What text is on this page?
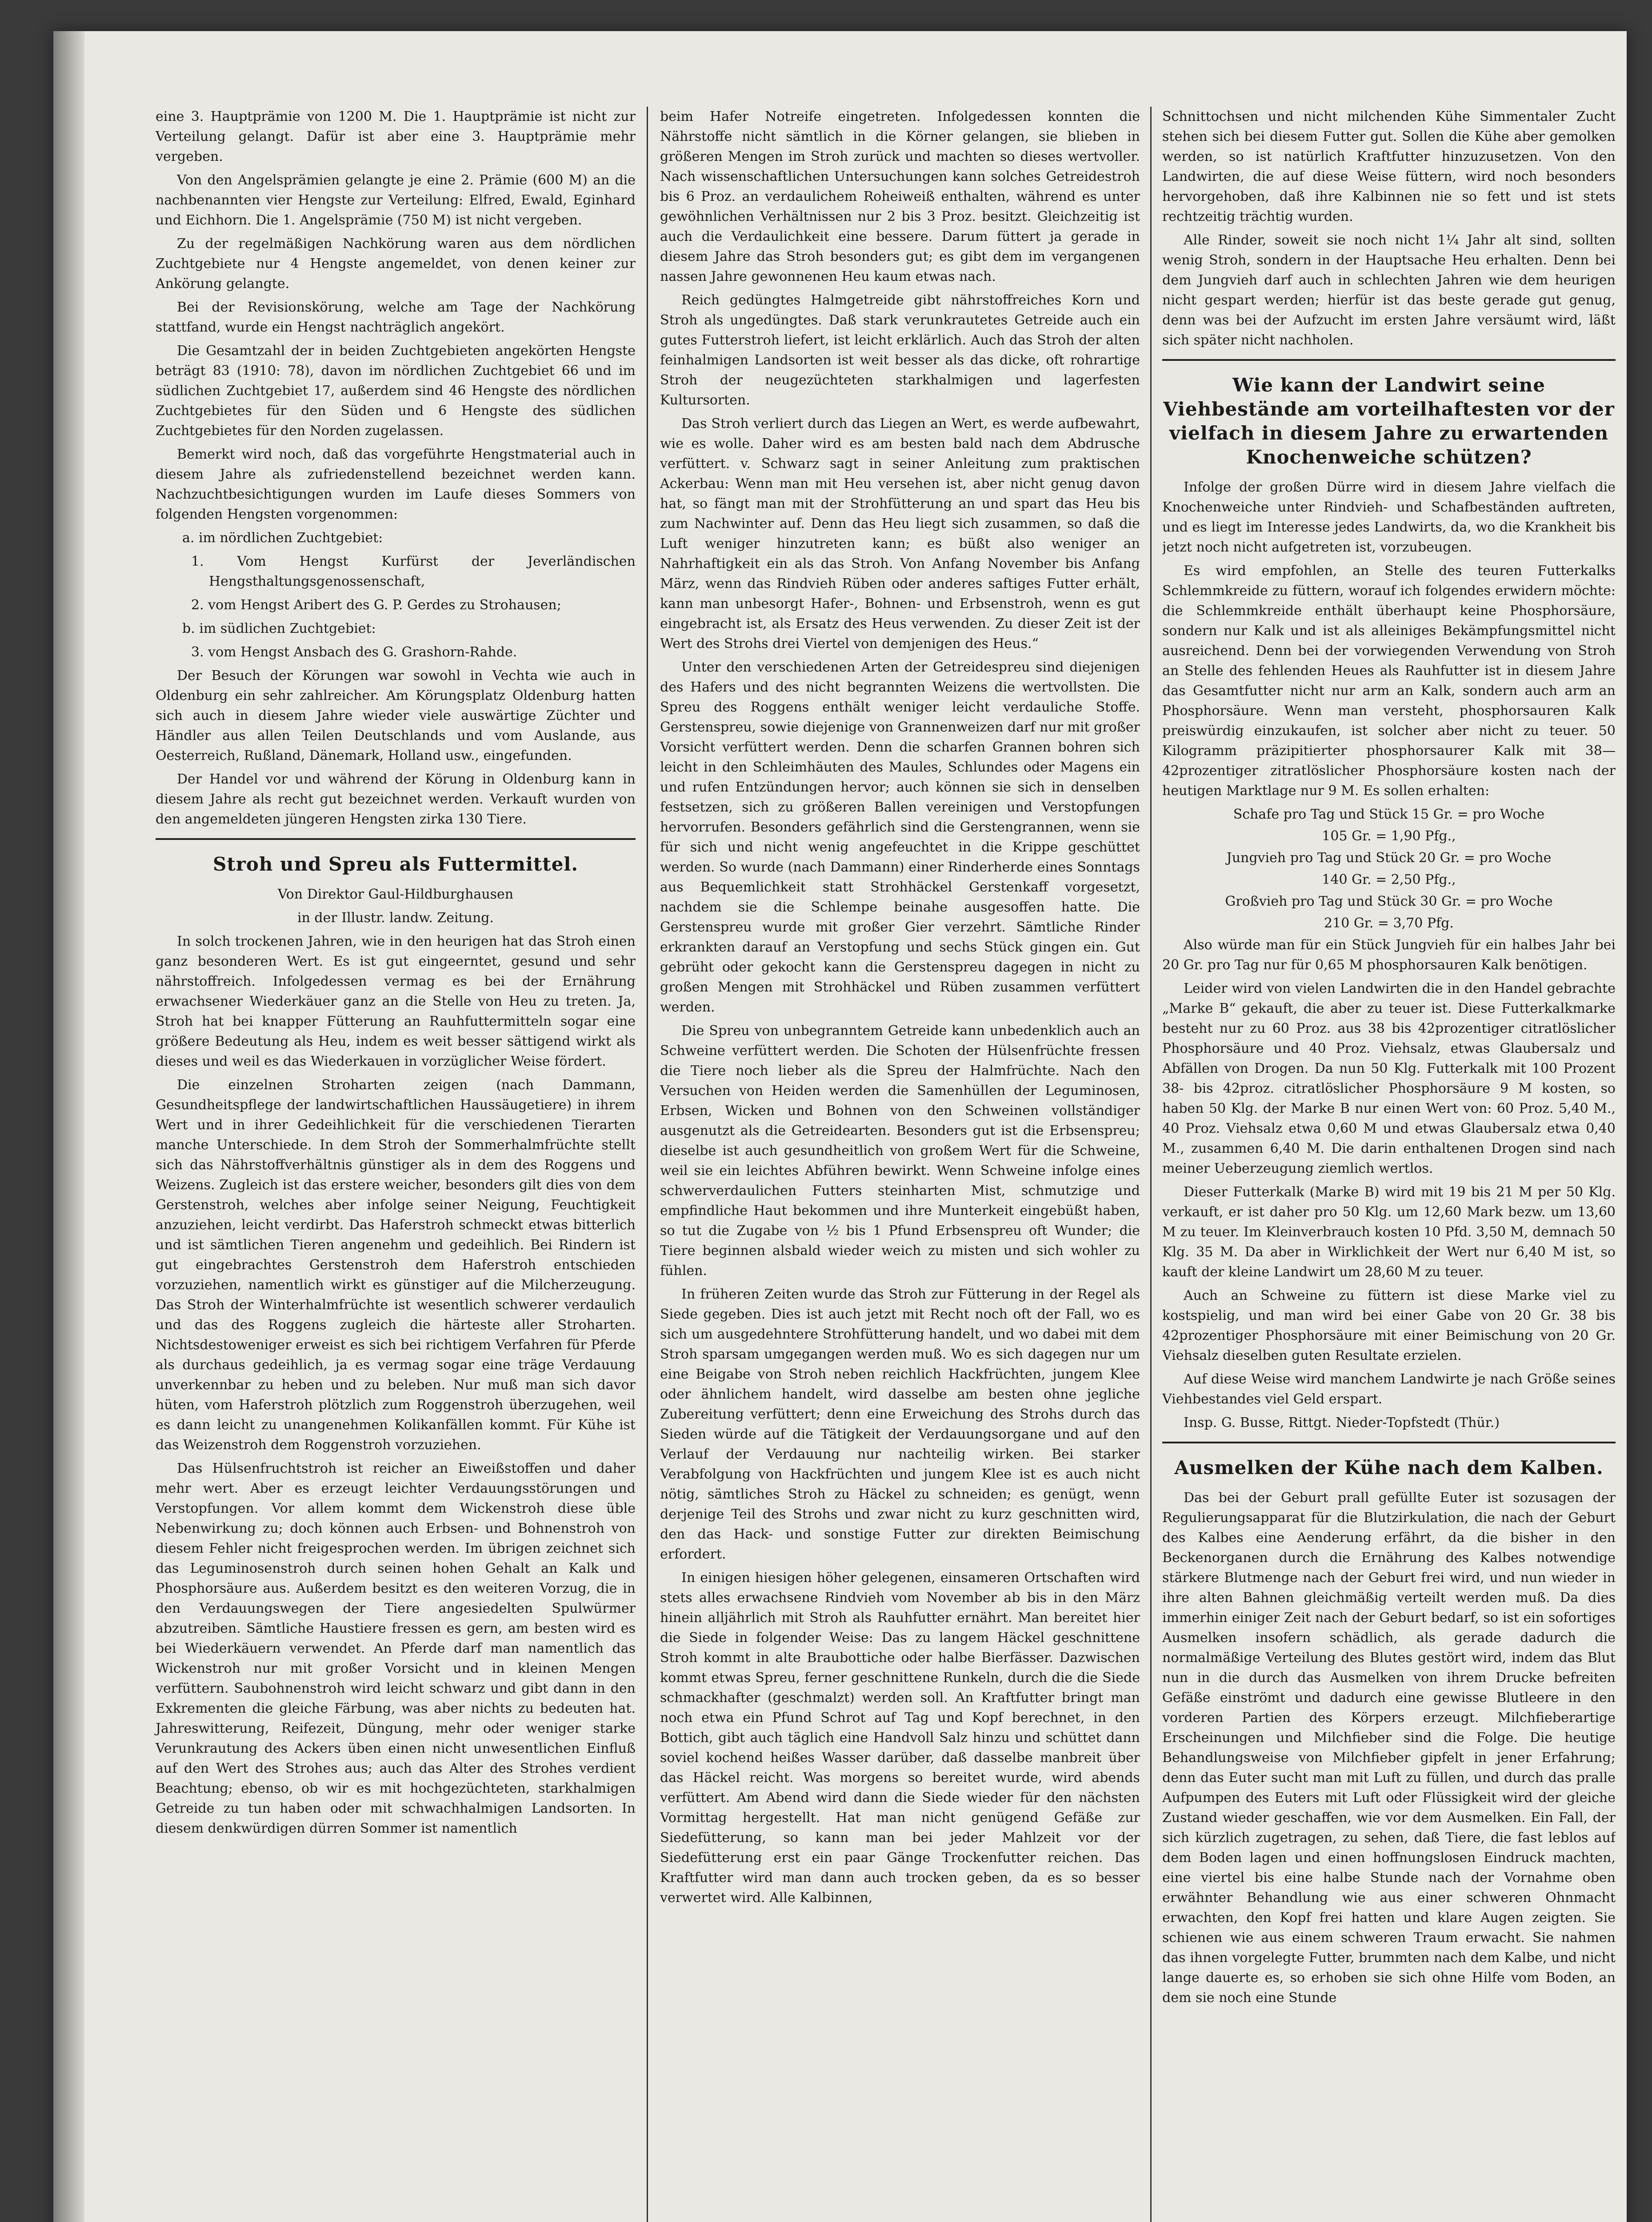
eine 3. Hauptprämie von 1200 M. Die 1. Hauptprämie ist nicht zur Verteilung gelangt. Dafür ist aber eine 3. Hauptprämie mehr vergeben.

Von den Angelsprämien gelangte je eine 2. Prämie (600 M) an die nachbenannten vier Hengste zur Verteilung: Elfred, Ewald, Eginhard und Eichhorn. Die 1. Angelsprämie (750 M) ist nicht vergeben.

Zu der regelmäßigen Nachkörung waren aus dem nördlichen Zuchtgebiete nur 4 Hengste angemeldet, von denen keiner zur Ankörung gelangte.

Bei der Revisionskörung, welche am Tage der Nachkörung stattfand, wurde ein Hengst nachträglich angekört.

Die Gesamtzahl der in beiden Zuchtgebieten angekörten Hengste beträgt 83 (1910: 78), davon im nördlichen Zuchtgebiet 66 und im südlichen Zuchtgebiet 17, außerdem sind 46 Hengste des nördlichen Zuchtgebietes für den Süden und 6 Hengste des südlichen Zuchtgebietes für den Norden zugelassen.

Bemerkt wird noch, daß das vorgeführte Hengstmaterial auch in diesem Jahre als zufriedenstellend bezeichnet werden kann. Nachzuchtbesichtigungen wurden im Laufe dieses Sommers von folgenden Hengsten vorgenommen:

a. im nördlichen Zuchtgebiet:

1. Vom Hengst Kurfürst der Jeverländischen Hengsthaltungsgenossenschaft,

2. vom Hengst Aribert des G. P. Gerdes zu Strohausen;

b. im südlichen Zuchtgebiet:

3. vom Hengst Ansbach des G. Grashorn-Rahde.

Der Besuch der Körungen war sowohl in Vechta wie auch in Oldenburg ein sehr zahlreicher. Am Körungsplatz Oldenburg hatten sich auch in diesem Jahre wieder viele auswärtige Züchter und Händler aus allen Teilen Deutschlands und vom Auslande, aus Oesterreich, Rußland, Dänemark, Holland usw., eingefunden.

Der Handel vor und während der Körung in Oldenburg kann in diesem Jahre als recht gut bezeichnet werden. Verkauft wurden von den angemeldeten jüngeren Hengsten zirka 130 Tiere.

Stroh und Spreu als Futtermittel.

Von Direktor Gaul-Hildburghausen

in der Illustr. landw. Zeitung.

In solch trockenen Jahren, wie in den heurigen hat das Stroh einen ganz besonderen Wert. Es ist gut eingeerntet, gesund und sehr nährstoffreich. Infolgedessen vermag es bei der Ernährung erwachsener Wiederkäuer ganz an die Stelle von Heu zu treten. Ja, Stroh hat bei knapper Fütterung an Rauhfuttermitteln sogar eine größere Bedeutung als Heu, indem es weit besser sättigend wirkt als dieses und weil es das Wiederkauen in vorzüglicher Weise fördert.

Die einzelnen Stroharten zeigen (nach Dammann, Gesundheitspflege der landwirtschaftlichen Haussäugetiere) in ihrem Wert und in ihrer Gedeihlichkeit für die verschiedenen Tierarten manche Unterschiede. In dem Stroh der Sommerhalmfrüchte stellt sich das Nährstoffverhältnis günstiger als in dem des Roggens und Weizens. Zugleich ist das erstere weicher, besonders gilt dies von dem Gerstenstroh, welches aber infolge seiner Neigung, Feuchtigkeit anzuziehen, leicht verdirbt. Das Haferstroh schmeckt etwas bitterlich und ist sämtlichen Tieren angenehm und gedeihlich. Bei Rindern ist gut eingebrachtes Gerstenstroh dem Haferstroh entschieden vorzuziehen, namentlich wirkt es günstiger auf die Milcherzeugung. Das Stroh der Winterhalmfrüchte ist wesentlich schwerer verdaulich und das des Roggens zugleich die härteste aller Stroharten. Nichtsdestoweniger erweist es sich bei richtigem Verfahren für Pferde als durchaus gedeihlich, ja es vermag sogar eine träge Verdauung unverkennbar zu heben und zu beleben. Nur muß man sich davor hüten, vom Haferstroh plötzlich zum Roggenstroh überzugehen, weil es dann leicht zu unangenehmen Kolikanfällen kommt. Für Kühe ist das Weizenstroh dem Roggenstroh vorzuziehen.

Das Hülsenfruchtstroh ist reicher an Eiweißstoffen und daher mehr wert. Aber es erzeugt leichter Verdauungsstörungen und Verstopfungen. Vor allem kommt dem Wickenstroh diese üble Nebenwirkung zu; doch können auch Erbsen- und Bohnenstroh von diesem Fehler nicht freigesprochen werden. Im übrigen zeichnet sich das Leguminosenstroh durch seinen hohen Gehalt an Kalk und Phosphorsäure aus. Außerdem besitzt es den weiteren Vorzug, die in den Verdauungswegen der Tiere angesiedelten Spulwürmer abzutreiben. Sämtliche Haustiere fressen es gern, am besten wird es bei Wiederkäuern verwendet. An Pferde darf man namentlich das Wickenstroh nur mit großer Vorsicht und in kleinen Mengen verfüttern. Saubohnenstroh wird leicht schwarz und gibt dann in den Exkrementen die gleiche Färbung, was aber nichts zu bedeuten hat. Jahreswitterung, Reifezeit, Düngung, mehr oder weniger starke Verunkrautung des Ackers üben einen nicht unwesentlichen Einfluß auf den Wert des Strohes aus; auch das Alter des Strohes verdient Beachtung; ebenso, ob wir es mit hochgezüchteten, starkhalmigen Getreide zu tun haben oder mit schwachhalmigen Landsorten. In diesem denkwürdigen dürren Sommer ist namentlich

beim Hafer Notreife eingetreten. Infolgedessen konnten die Nährstoffe nicht sämtlich in die Körner gelangen, sie blieben in größeren Mengen im Stroh zurück und machten so dieses wertvoller. Nach wissenschaftlichen Untersuchungen kann solches Getreidestroh bis 6 Proz. an verdaulichem Roheiweiß enthalten, während es unter gewöhnlichen Verhältnissen nur 2 bis 3 Proz. besitzt. Gleichzeitig ist auch die Verdaulichkeit eine bessere. Darum füttert ja gerade in diesem Jahre das Stroh besonders gut; es gibt dem im vergangenen nassen Jahre gewonnenen Heu kaum etwas nach.

Reich gedüngtes Halmgetreide gibt nährstoffreiches Korn und Stroh als ungedüngtes. Daß stark verunkrautetes Getreide auch ein gutes Futterstroh liefert, ist leicht erklärlich. Auch das Stroh der alten feinhalmigen Landsorten ist weit besser als das dicke, oft rohrartige Stroh der neugezüchteten starkhalmigen und lagerfesten Kultursorten.

Das Stroh verliert durch das Liegen an Wert, es werde aufbewahrt, wie es wolle. Daher wird es am besten bald nach dem Abdrusche verfüttert. v. Schwarz sagt in seiner Anleitung zum praktischen Ackerbau: Wenn man mit Heu versehen ist, aber nicht genug davon hat, so fängt man mit der Strohfütterung an und spart das Heu bis zum Nachwinter auf. Denn das Heu liegt sich zusammen, so daß die Luft weniger hinzutreten kann; es büßt also weniger an Nahrhaftigkeit ein als das Stroh. Von Anfang November bis Anfang März, wenn das Rindvieh Rüben oder anderes saftiges Futter erhält, kann man unbesorgt Hafer-, Bohnen- und Erbsenstroh, wenn es gut eingebracht ist, als Ersatz des Heus verwenden. Zu dieser Zeit ist der Wert des Strohs drei Viertel von demjenigen des Heus.“

Unter den verschiedenen Arten der Getreidespreu sind diejenigen des Hafers und des nicht begrannten Weizens die wertvollsten. Die Spreu des Roggens enthält weniger leicht verdauliche Stoffe. Gerstenspreu, sowie diejenige von Grannenweizen darf nur mit großer Vorsicht verfüttert werden. Denn die scharfen Grannen bohren sich leicht in den Schleimhäuten des Maules, Schlundes oder Magens ein und rufen Entzündungen hervor; auch können sie sich in denselben festsetzen, sich zu größeren Ballen vereinigen und Verstopfungen hervorrufen. Besonders gefährlich sind die Gerstengrannen, wenn sie für sich und nicht wenig angefeuchtet in die Krippe geschüttet werden. So wurde (nach Dammann) einer Rinderherde eines Sonntags aus Bequemlichkeit statt Strohhäckel Gerstenkaff vorgesetzt, nachdem sie die Schlempe beinahe ausgesoffen hatte. Die Gerstenspreu wurde mit großer Gier verzehrt. Sämtliche Rinder erkrankten darauf an Verstopfung und sechs Stück gingen ein. Gut gebrüht oder gekocht kann die Gerstenspreu dagegen in nicht zu großen Mengen mit Strohhäckel und Rüben zusammen verfüttert werden.

Die Spreu von unbegranntem Getreide kann unbedenklich auch an Schweine verfüttert werden. Die Schoten der Hülsenfrüchte fressen die Tiere noch lieber als die Spreu der Halmfrüchte. Nach den Versuchen von Heiden werden die Samenhüllen der Leguminosen, Erbsen, Wicken und Bohnen von den Schweinen vollständiger ausgenutzt als die Getreidearten. Besonders gut ist die Erbsenspreu; dieselbe ist auch gesundheitlich von großem Wert für die Schweine, weil sie ein leichtes Abführen bewirkt. Wenn Schweine infolge eines schwerverdaulichen Futters steinharten Mist, schmutzige und empfindliche Haut bekommen und ihre Munterkeit eingebüßt haben, so tut die Zugabe von ½ bis 1 Pfund Erbsenspreu oft Wunder; die Tiere beginnen alsbald wieder weich zu misten und sich wohler zu fühlen.

In früheren Zeiten wurde das Stroh zur Fütterung in der Regel als Siede gegeben. Dies ist auch jetzt mit Recht noch oft der Fall, wo es sich um ausgedehntere Strohfütterung handelt, und wo dabei mit dem Stroh sparsam umgegangen werden muß. Wo es sich dagegen nur um eine Beigabe von Stroh neben reichlich Hackfrüchten, jungem Klee oder ähnlichem handelt, wird dasselbe am besten ohne jegliche Zubereitung verfüttert; denn eine Erweichung des Strohs durch das Sieden würde auf die Tätigkeit der Verdauungsorgane und auf den Verlauf der Verdauung nur nachteilig wirken. Bei starker Verabfolgung von Hackfrüchten und jungem Klee ist es auch nicht nötig, sämtliches Stroh zu Häckel zu schneiden; es genügt, wenn derjenige Teil des Strohs und zwar nicht zu kurz geschnitten wird, den das Hack- und sonstige Futter zur direkten Beimischung erfordert.

In einigen hiesigen höher gelegenen, einsameren Ortschaften wird stets alles erwachsene Rindvieh vom November ab bis in den März hinein alljährlich mit Stroh als Rauhfutter ernährt. Man bereitet hier die Siede in folgender Weise: Das zu langem Häckel geschnittene Stroh kommt in alte Braubottiche oder halbe Bierfässer. Dazwischen kommt etwas Spreu, ferner geschnittene Runkeln, durch die die Siede schmackhafter (geschmalzt) werden soll. An Kraftfutter bringt man noch etwa ein Pfund Schrot auf Tag und Kopf berechnet, in den Bottich, gibt auch täglich eine Handvoll Salz hinzu und schüttet dann soviel kochend heißes Wasser darüber, daß dasselbe manbreit über das Häckel reicht. Was morgens so bereitet wurde, wird abends verfüttert. Am Abend wird dann die Siede wieder für den nächsten Vormittag hergestellt. Hat man nicht genügend Gefäße zur Siedefütterung, so kann man bei jeder Mahlzeit vor der Siedefütterung erst ein paar Gänge Trockenfutter reichen. Das Kraftfutter wird man dann auch trocken geben, da es so besser verwertet wird. Alle Kalbinnen,

Schnittochsen und nicht milchenden Kühe Simmentaler Zucht stehen sich bei diesem Futter gut. Sollen die Kühe aber gemolken werden, so ist natürlich Kraftfutter hinzuzusetzen. Von den Landwirten, die auf diese Weise füttern, wird noch besonders hervorgehoben, daß ihre Kalbinnen nie so fett und ist stets rechtzeitig trächtig wurden.

Alle Rinder, soweit sie noch nicht 1¼ Jahr alt sind, sollten wenig Stroh, sondern in der Hauptsache Heu erhalten. Denn bei dem Jungvieh darf auch in schlechten Jahren wie dem heurigen nicht gespart werden; hierfür ist das beste gerade gut genug, denn was bei der Aufzucht im ersten Jahre versäumt wird, läßt sich später nicht nachholen.

Wie kann der Landwirt seine Viehbestände am vorteilhaftesten vor der vielfach in diesem Jahre zu erwartenden Knochenweiche schützen?

Infolge der großen Dürre wird in diesem Jahre vielfach die Knochenweiche unter Rindvieh- und Schafbeständen auftreten, und es liegt im Interesse jedes Landwirts, da, wo die Krankheit bis jetzt noch nicht aufgetreten ist, vorzubeugen.

Es wird empfohlen, an Stelle des teuren Futterkalks Schlemmkreide zu füttern, worauf ich folgendes erwidern möchte: die Schlemmkreide enthält überhaupt keine Phosphorsäure, sondern nur Kalk und ist als alleiniges Bekämpfungsmittel nicht ausreichend. Denn bei der vorwiegenden Verwendung von Stroh an Stelle des fehlenden Heues als Rauhfutter ist in diesem Jahre das Gesamtfutter nicht nur arm an Kalk, sondern auch arm an Phosphorsäure. Wenn man versteht, phosphorsauren Kalk preiswürdig einzukaufen, ist solcher aber nicht zu teuer. 50 Kilogramm präzipitierter phosphorsaurer Kalk mit 38—42prozentiger zitratlöslicher Phosphorsäure kosten nach der heutigen Marktlage nur 9 M. Es sollen erhalten:

Schafe pro Tag und Stück 15 Gr. = pro Woche

105 Gr. = 1,90 Pfg.,

Jungvieh pro Tag und Stück 20 Gr. = pro Woche

140 Gr. = 2,50 Pfg.,

Großvieh pro Tag und Stück 30 Gr. = pro Woche

210 Gr. = 3,70 Pfg.

Also würde man für ein Stück Jungvieh für ein halbes Jahr bei 20 Gr. pro Tag nur für 0,65 M phosphorsauren Kalk benötigen.

Leider wird von vielen Landwirten die in den Handel gebrachte „Marke B“ gekauft, die aber zu teuer ist. Diese Futterkalkmarke besteht nur zu 60 Proz. aus 38 bis 42prozentiger citratlöslicher Phosphorsäure und 40 Proz. Viehsalz, etwas Glaubersalz und Abfällen von Drogen. Da nun 50 Klg. Futterkalk mit 100 Prozent 38- bis 42proz. citratlöslicher Phosphorsäure 9 M kosten, so haben 50 Klg. der Marke B nur einen Wert von: 60 Proz. 5,40 M., 40 Proz. Viehsalz etwa 0,60 M und etwas Glaubersalz etwa 0,40 M., zusammen 6,40 M. Die darin enthaltenen Drogen sind nach meiner Ueberzeugung ziemlich wertlos.

Dieser Futterkalk (Marke B) wird mit 19 bis 21 M per 50 Klg. verkauft, er ist daher pro 50 Klg. um 12,60 Mark bezw. um 13,60 M zu teuer. Im Kleinverbrauch kosten 10 Pfd. 3,50 M, demnach 50 Klg. 35 M. Da aber in Wirklichkeit der Wert nur 6,40 M ist, so kauft der kleine Landwirt um 28,60 M zu teuer.

Auch an Schweine zu füttern ist diese Marke viel zu kostspielig, und man wird bei einer Gabe von 20 Gr. 38 bis 42prozentiger Phosphorsäure mit einer Beimischung von 20 Gr. Viehsalz dieselben guten Resultate erzielen.

Auf diese Weise wird manchem Landwirte je nach Größe seines Viehbestandes viel Geld erspart.

Insp. G. Busse, Rittgt. Nieder-Topfstedt (Thür.)

Ausmelken der Kühe nach dem Kalben.

Das bei der Geburt prall gefüllte Euter ist sozusagen der Regulierungsapparat für die Blutzirkulation, die nach der Geburt des Kalbes eine Aenderung erfährt, da die bisher in den Beckenorganen durch die Ernährung des Kalbes notwendige stärkere Blutmenge nach der Geburt frei wird, und nun wieder in ihre alten Bahnen gleichmäßig verteilt werden muß. Da dies immerhin einiger Zeit nach der Geburt bedarf, so ist ein sofortiges Ausmelken insofern schädlich, als gerade dadurch die normalmäßige Verteilung des Blutes gestört wird, indem das Blut nun in die durch das Ausmelken von ihrem Drucke befreiten Gefäße einströmt und dadurch eine gewisse Blutleere in den vorderen Partien des Körpers erzeugt. Milchfieberartige Erscheinungen und Milchfieber sind die Folge. Die heutige Behandlungsweise von Milchfieber gipfelt in jener Erfahrung; denn das Euter sucht man mit Luft zu füllen, und durch das pralle Aufpumpen des Euters mit Luft oder Flüssigkeit wird der gleiche Zustand wieder geschaffen, wie vor dem Ausmelken. Ein Fall, der sich kürzlich zugetragen, zu sehen, daß Tiere, die fast leblos auf dem Boden lagen und einen hoffnungslosen Eindruck machten, eine viertel bis eine halbe Stunde nach der Vornahme oben erwähnter Behandlung wie aus einer schweren Ohnmacht erwachten, den Kopf frei hatten und klare Augen zeigten. Sie schienen wie aus einem schweren Traum erwacht. Sie nahmen das ihnen vorgelegte Futter, brummten nach dem Kalbe, und nicht lange dauerte es, so erhoben sie sich ohne Hilfe vom Boden, an dem sie noch eine Stunde
